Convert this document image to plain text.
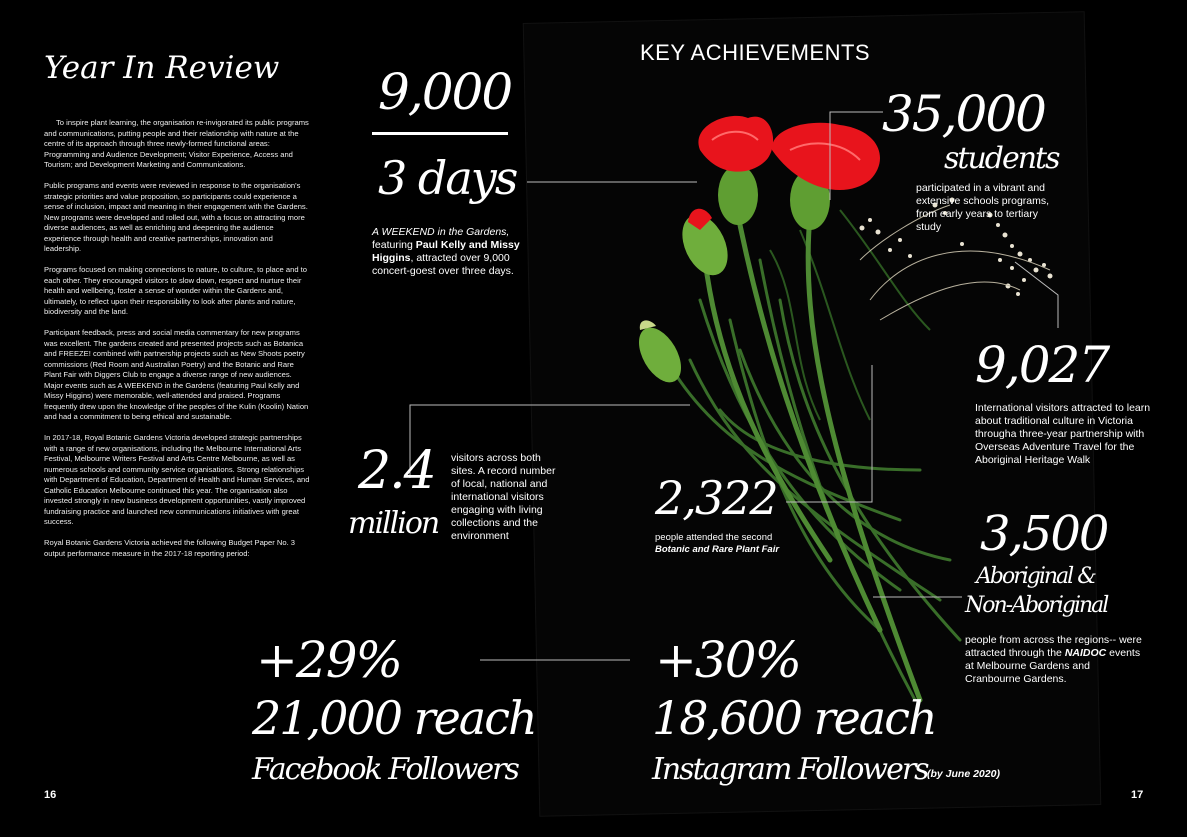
Year In Review

To inspire plant learning, the organisation re-invigorated its public programs and communications, putting people and their relationship with nature at the centre of its approach through three newly-formed functional areas: Programming and Audience Development; Visitor Experience, Access and Tourism; and Development Marketing and Communications.

Public programs and events were reviewed in response to the organisation's strategic priorities and value proposition, so participants could experience a sense of inclusion, impact and meaning in their engagement with the Gardens. New programs were developed and rolled out, with a focus on attracting more diverse audiences, as well as enriching and deepening the audience experience through health and creative partnerships, innovation and leadership.

Programs focused on making connections to nature, to culture, to place and to each other. They encouraged visitors to slow down, respect and nurture their health and wellbeing, foster a sense of wonder within the Gardens and, ultimately, to reflect upon their responsibility to look after plants and nature, biodiversity and the land.

Participant feedback, press and social media commentary for new programs was excellent. The gardens created and presented projects such as Botanica and FREEZE! combined with partnership projects such as New Shoots poetry commissions (Red Room and Australian Poetry) and the Botanic and Rare Plant Fair with Diggers Club to engage a diverse range of new audiences. Major events such as A WEEKEND in the Gardens (featuring Paul Kelly and Missy Higgins) were memorable, well-attended and praised. Programs frequently drew upon the knowledge of the peoples of the Kulin (Koolin) Nation and had a commitment to being ethical and sustainable.

In 2017-18, Royal Botanic Gardens Victoria developed strategic partnerships with a range of new organisations, including the Melbourne International Arts Festival, Melbourne Writers Festival and Arts Centre Melbourne, as well as numerous schools and community service organisations. Strong relationships with Department of Education, Department of Health and Human Services, and Catholic Education Melbourne continued this year. The organisation also invested strongly in new business development opportunities, vastly improved fundraising practice and launched new communications initiatives with great success.

Royal Botanic Gardens Victoria achieved the following Budget Paper No. 3 output performance measure in the 2017-18 reporting period:

16	17
KEY ACHIEVEMENTS
9,000
3 days
A WEEKEND in the Gardens,
featuring Paul Kelly and Missy Higgins, attracted over 9,000 concert-goest over three days.
35,000
students
participated in a vibrant and extensive schools programs, from early years to tertiary study
9,027
International visitors attracted to learn about traditional culture in Victoria througha three-year partnership with Overseas Adventure Travel for the Aboriginal Heritage Walk
2.4
million
visitors across both sites. A record number of local, national and international visitors engaging with living collections and the environment
2,322
people attended the second
Botanic and Rare Plant Fair	3,500
Aboriginal &
Non-Aboriginal
people from across the regions-- were attracted through the NAIDOC events at Melbourne Gardens and Cranbourne Gardens.
+29%
21,000 reach
Facebook Followers
+30%
18,600 reach
Instagram Followers (by June 2020)
